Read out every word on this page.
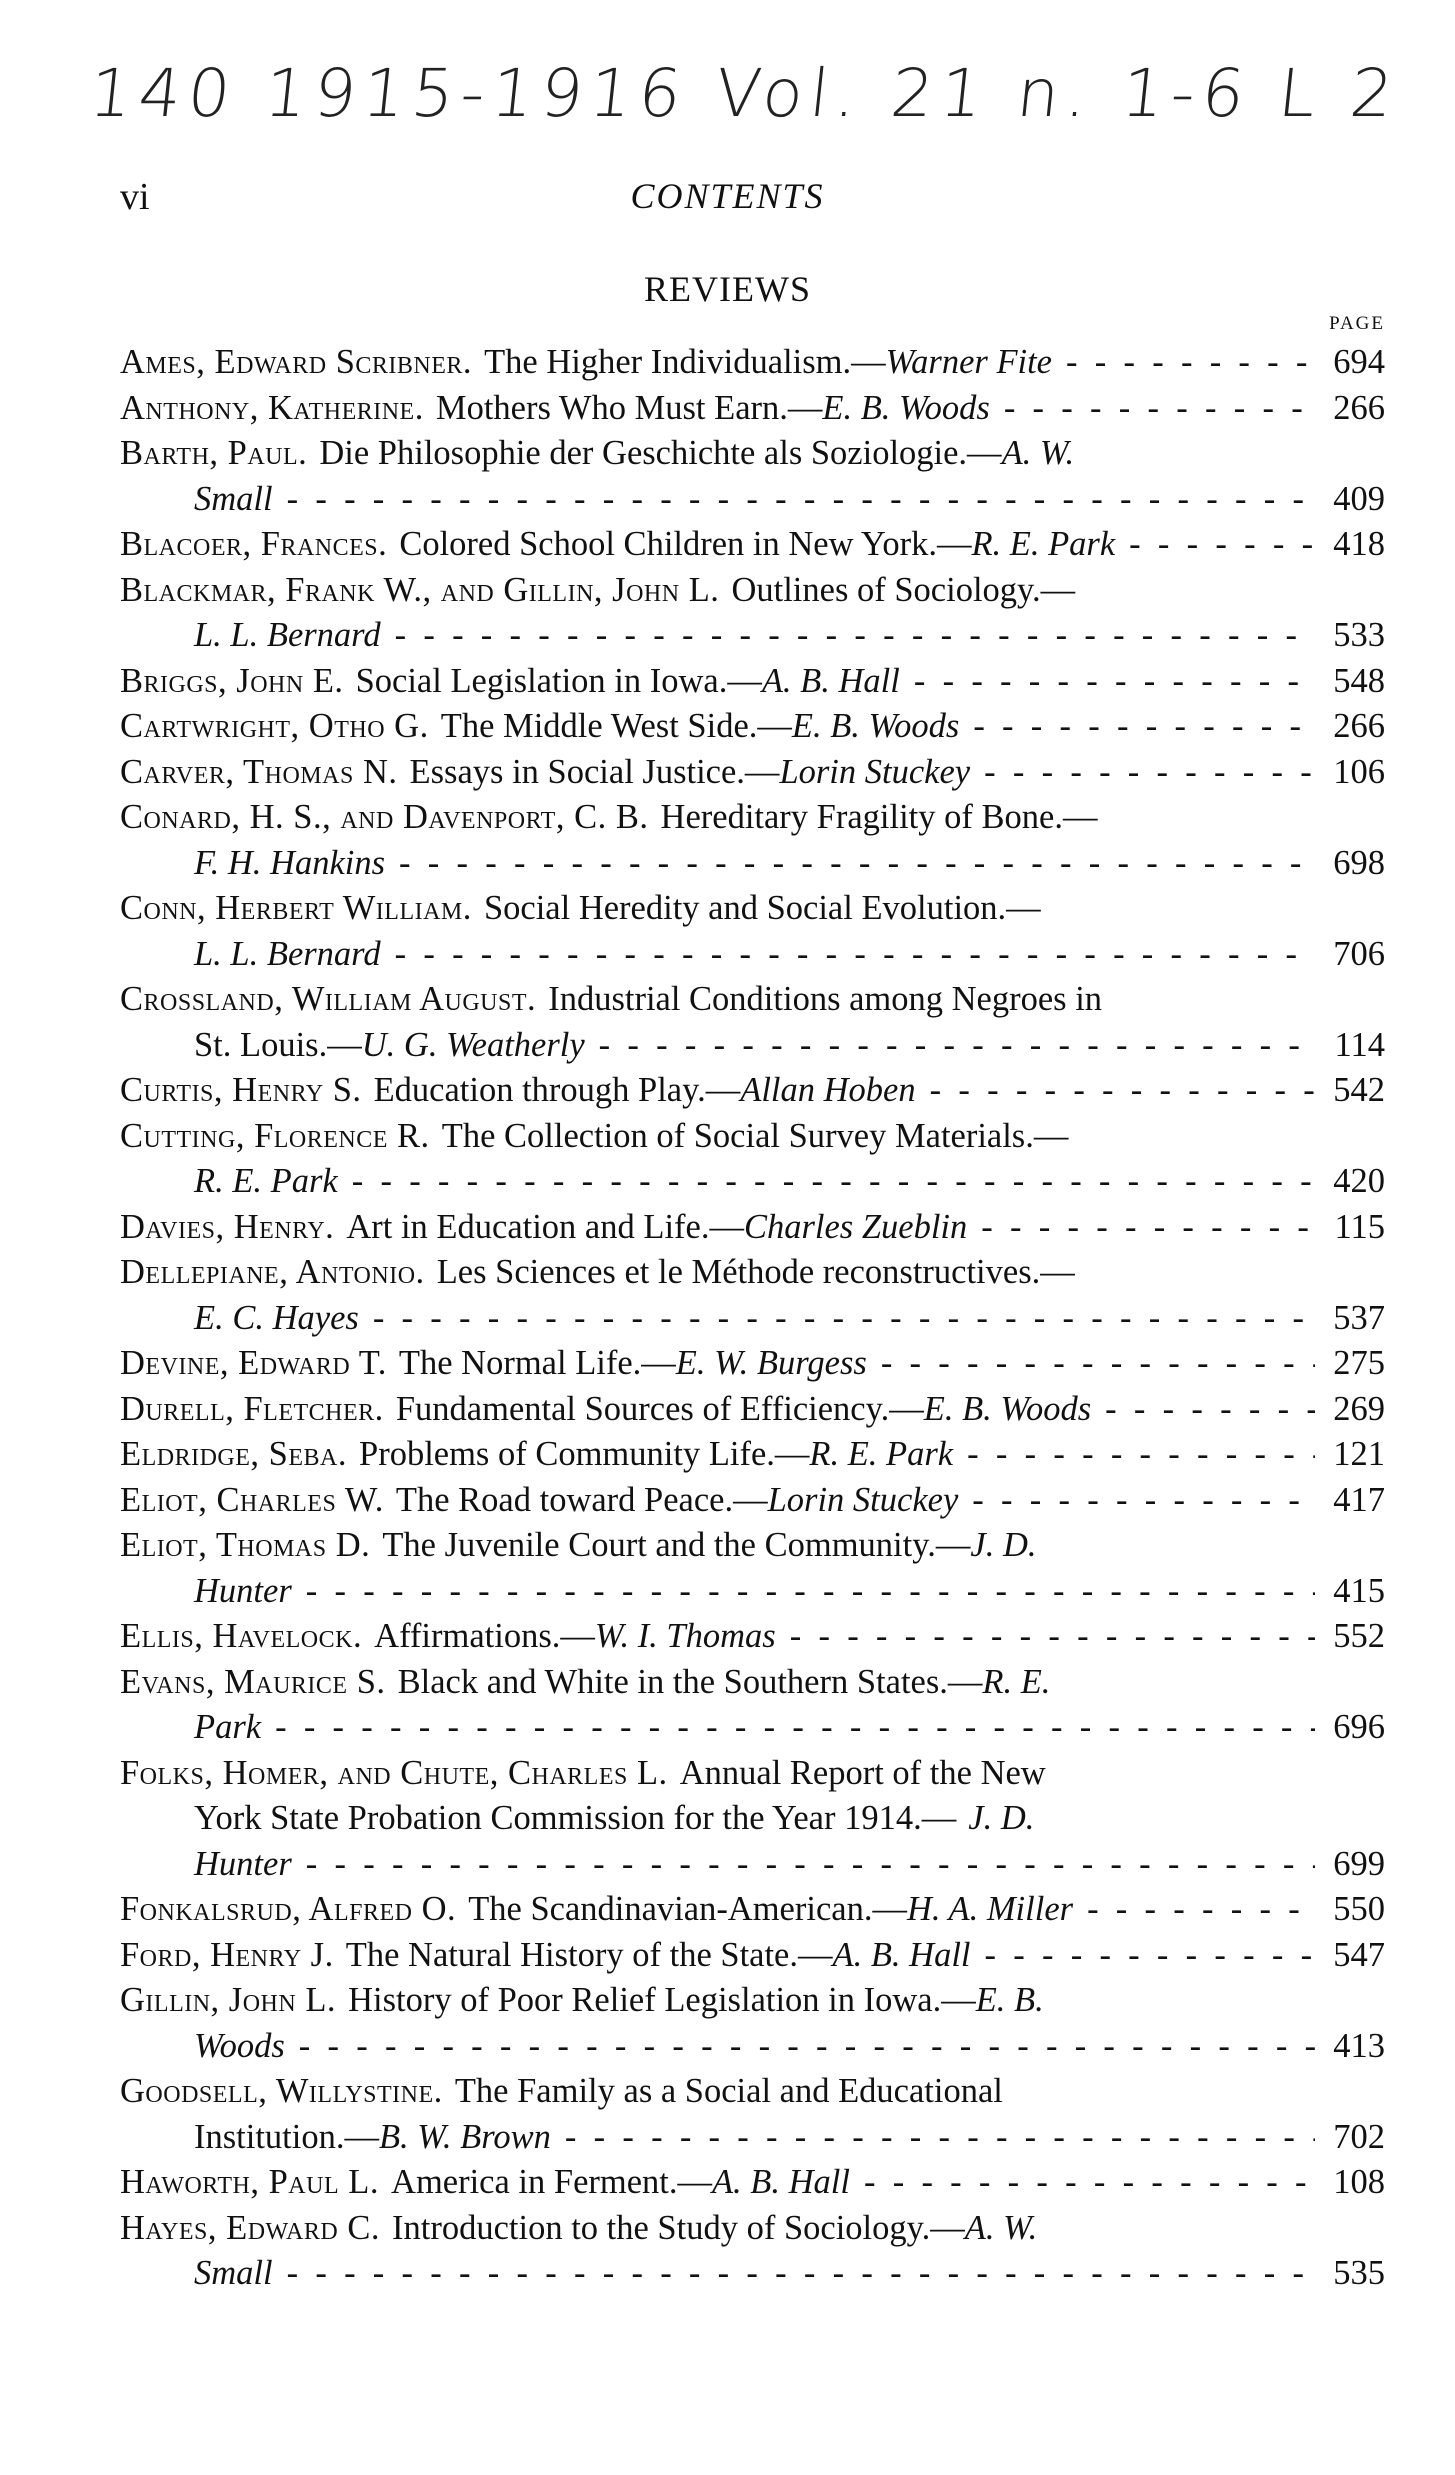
140 1915-1916 Vol. 21 n. 1-6 L 2
vi	CONTENTS
REVIEWS
PAGE
Ames, Edward Scribner. The Higher Individualism.— Warner Fite - -	694
Anthony, Katherine. Mothers Who Must Earn.— E. B. Woods - -	266
Barth, Paul. Die Philosophie der Geschichte als Soziologie.— A. W.
Small - -	409
Blacoer, Frances. Colored School Children in New York.— R. E. Park - -	418
Blackmar, Frank W., and Gillin, John L. Outlines of Sociology.—
L. L. Bernard - -	533
Briggs, John E. Social Legislation in Iowa.— A. B. Hall - -	548
Cartwright, Otho G. The Middle West Side.— E. B. Woods - -	266
Carver, Thomas N. Essays in Social Justice.— Lorin Stuckey - -	106
Conard, H. S., and Davenport, C. B. Hereditary Fragility of Bone.—
F. H. Hankins - -	698
Conn, Herbert William. Social Heredity and Social Evolution.—
L. L. Bernard - -	706
Crossland, William August. Industrial Conditions among Negroes in
St. Louis.— U. G. Weatherly - -	114
Curtis, Henry S. Education through Play.— Allan Hoben - -	542
Cutting, Florence R. The Collection of Social Survey Materials.—
R. E. Park - -	420
Davies, Henry. Art in Education and Life.— Charles Zueblin - -	115
Dellepiane, Antonio. Les Sciences et le Méthode reconstructives.—
E. C. Hayes - -	537
Devine, Edward T. The Normal Life.— E. W. Burgess - -	275
Durell, Fletcher. Fundamental Sources of Efficiency.— E. B. Woods - -	269
Eldridge, Seba. Problems of Community Life.— R. E. Park - -	121
Eliot, Charles W. The Road toward Peace.— Lorin Stuckey - -	417
Eliot, Thomas D. The Juvenile Court and the Community.— J. D.
Hunter - -	415
Ellis, Havelock. Affirmations.— W. I. Thomas - -	552
Evans, Maurice S. Black and White in the Southern States.— R. E.
Park - -	696
Folks, Homer, and Chute, Charles L. Annual Report of the New
York State Probation Commission for the Year 1914.— J. D.
Hunter - -	699
Fonkalsrud, Alfred O. The Scandinavian-American.— H. A. Miller - -	550
Ford, Henry J. The Natural History of the State.— A. B. Hall - -	547
Gillin, John L. History of Poor Relief Legislation in Iowa.— E. B.
Woods - -	413
Goodsell, Willystine. The Family as a Social and Educational
Institution.— B. W. Brown - -	702
Haworth, Paul L. America in Ferment.— A. B. Hall - -	108
Hayes, Edward C. Introduction to the Study of Sociology.— A. W.
Small - -	535
